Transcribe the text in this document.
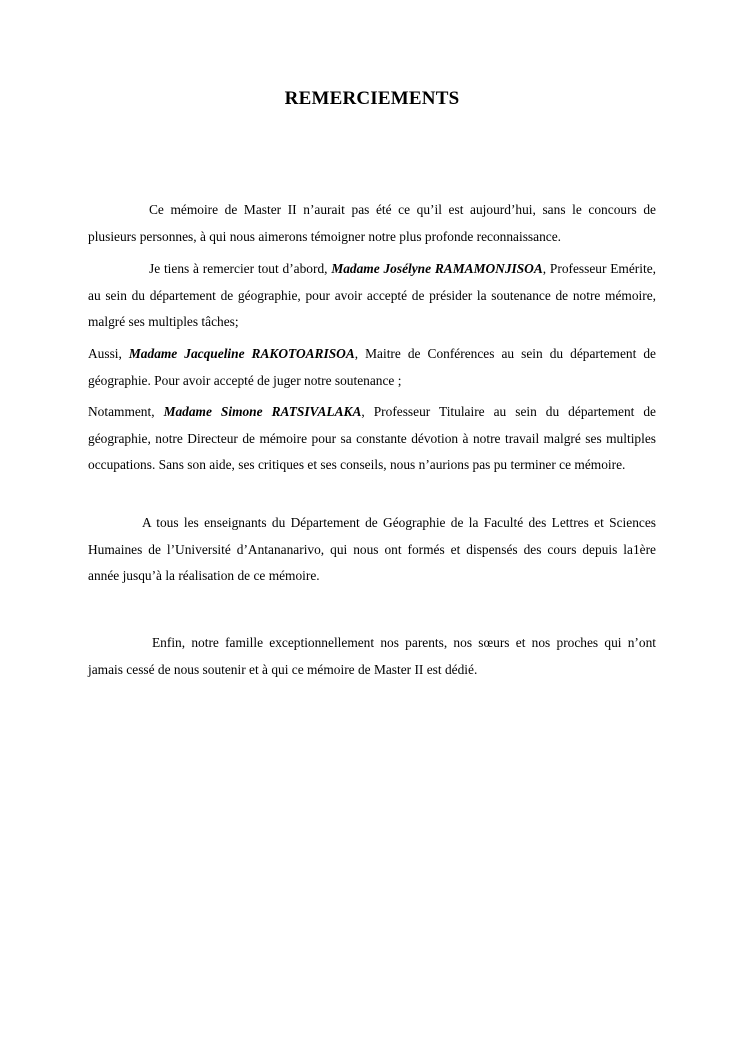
REMERCIEMENTS

Ce mémoire de Master II n’aurait pas été ce qu’il est aujourd’hui, sans le concours de plusieurs personnes, à qui nous aimerons témoigner notre plus profonde reconnaissance.

Je tiens à remercier tout d’abord, Madame Josélyne RAMAMONJISOA, Professeur Emérite, au sein du département de géographie, pour avoir accepté de présider la soutenance de notre mémoire, malgré ses multiples tâches;

Aussi, Madame Jacqueline RAKOTOARISOA, Maitre de Conférences au sein du département de géographie. Pour avoir accepté de juger notre soutenance ;

Notamment, Madame Simone RATSIVALAKA, Professeur Titulaire au sein du département de géographie, notre Directeur de mémoire pour sa constante dévotion à notre travail malgré ses multiples occupations. Sans son aide, ses critiques et ses conseils, nous n’aurions pas pu terminer ce mémoire.

A tous les enseignants du Département de Géographie de la Faculté des Lettres et Sciences Humaines de l’Université d’Antananarivo, qui nous ont formés et dispensés des cours depuis la1ère année jusqu’à la réalisation de ce mémoire.

Enfin, notre famille exceptionnellement nos parents, nos sœurs et nos proches qui n’ont jamais cessé de nous soutenir et à qui ce mémoire de Master II est dédié.
